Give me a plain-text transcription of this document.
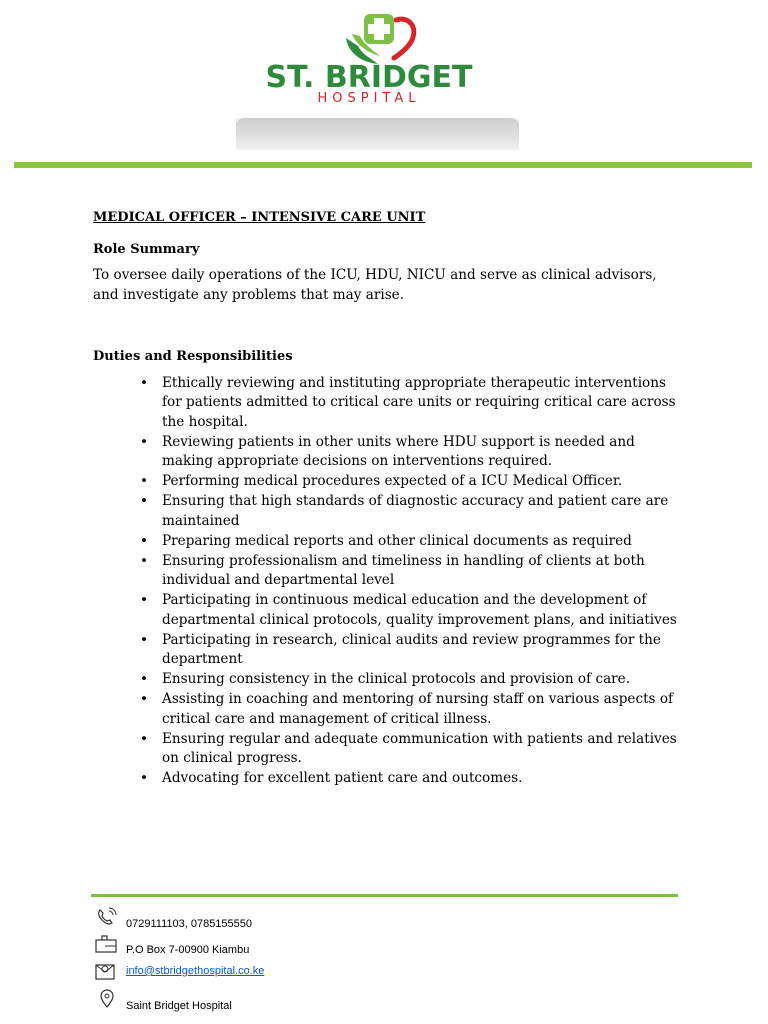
ST. BRIDGET
HOSPITAL
MEDICAL OFFICER – INTENSIVE CARE UNIT
Role Summary

To oversee daily operations of the ICU, HDU, NICU and serve as clinical advisors, and investigate any problems that may arise.

Duties and Responsibilities
• Ethically reviewing and instituting appropriate therapeutic interventions for patients admitted to critical care units or requiring critical care across the hospital.
• Reviewing patients in other units where HDU support is needed and making appropriate decisions on interventions required.
• Performing medical procedures expected of a ICU Medical Officer.
• Ensuring that high standards of diagnostic accuracy and patient care are maintained
• Preparing medical reports and other clinical documents as required
• Ensuring professionalism and timeliness in handling of clients at both individual and departmental level
• Participating in continuous medical education and the development of departmental clinical protocols, quality improvement plans, and initiatives
• Participating in research, clinical audits and review programmes for the department
• Ensuring consistency in the clinical protocols and provision of care.
• Assisting in coaching and mentoring of nursing staff on various aspects of critical care and management of critical illness.
• Ensuring regular and adequate communication with patients and relatives on clinical progress.
• Advocating for excellent patient care and outcomes.
0729111103, 0785155550
P.O Box 7-00900 Kiambu
info@stbridgethospital.co.ke
Saint Bridget Hospital
